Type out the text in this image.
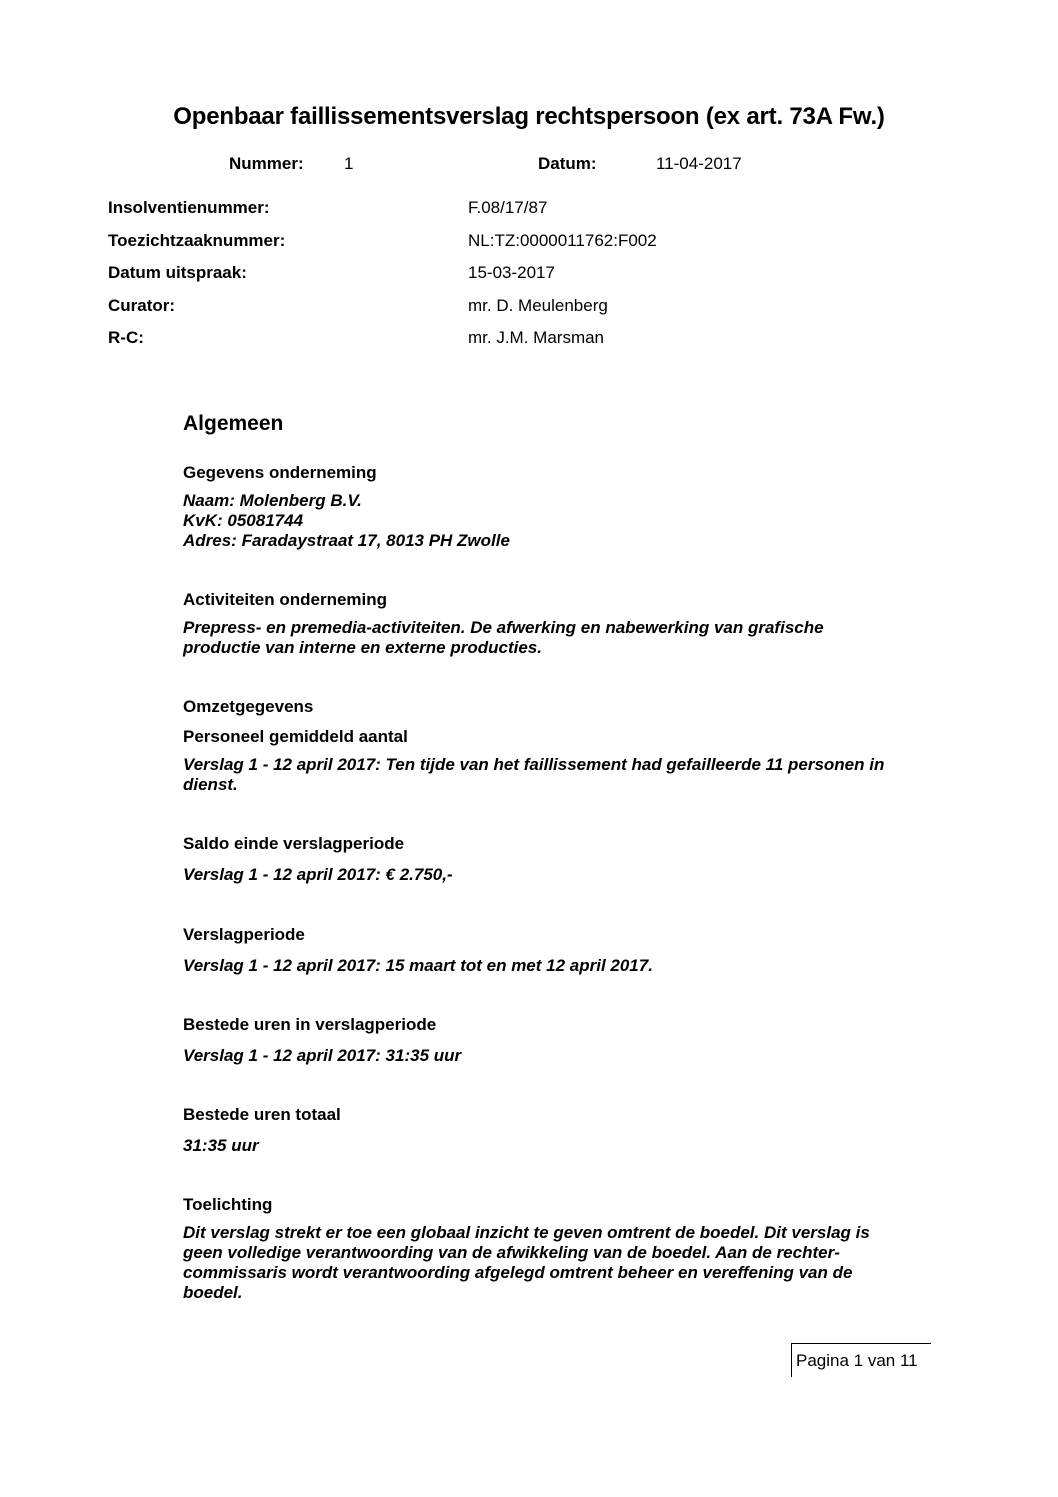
Openbaar faillissementsverslag rechtspersoon (ex art. 73A Fw.)
Nummer: 1	Datum:	11-04-2017
Insolventienummer:	F.08/17/87
Toezichtzaaknummer:	NL:TZ:0000011762:F002
Datum uitspraak:	15-03-2017
Curator:	mr. D. Meulenberg
R-C:	mr. J.M. Marsman
Algemeen
Gegevens onderneming
Naam: Molenberg B.V.
KvK: 05081744
Adres: Faradaystraat 17, 8013 PH Zwolle
Activiteiten onderneming
Prepress- en premedia-activiteiten. De afwerking en nabewerking van grafische productie van interne en externe producties.
Omzetgegevens
Personeel gemiddeld aantal
Verslag 1 - 12 april 2017: Ten tijde van het faillissement had gefailleerde 11 personen in dienst.
Saldo einde verslagperiode
Verslag 1 - 12 april 2017: € 2.750,-
Verslagperiode
Verslag 1 - 12 april 2017: 15 maart tot en met 12 april 2017.
Bestede uren in verslagperiode
Verslag 1 - 12 april 2017: 31:35 uur
Bestede uren totaal
31:35 uur
Toelichting
Dit verslag strekt er toe een globaal inzicht te geven omtrent de boedel. Dit verslag is geen volledige verantwoording van de afwikkeling van de boedel. Aan de rechter-commissaris wordt verantwoording afgelegd omtrent beheer en vereffening van de boedel.
Pagina 1 van 11
